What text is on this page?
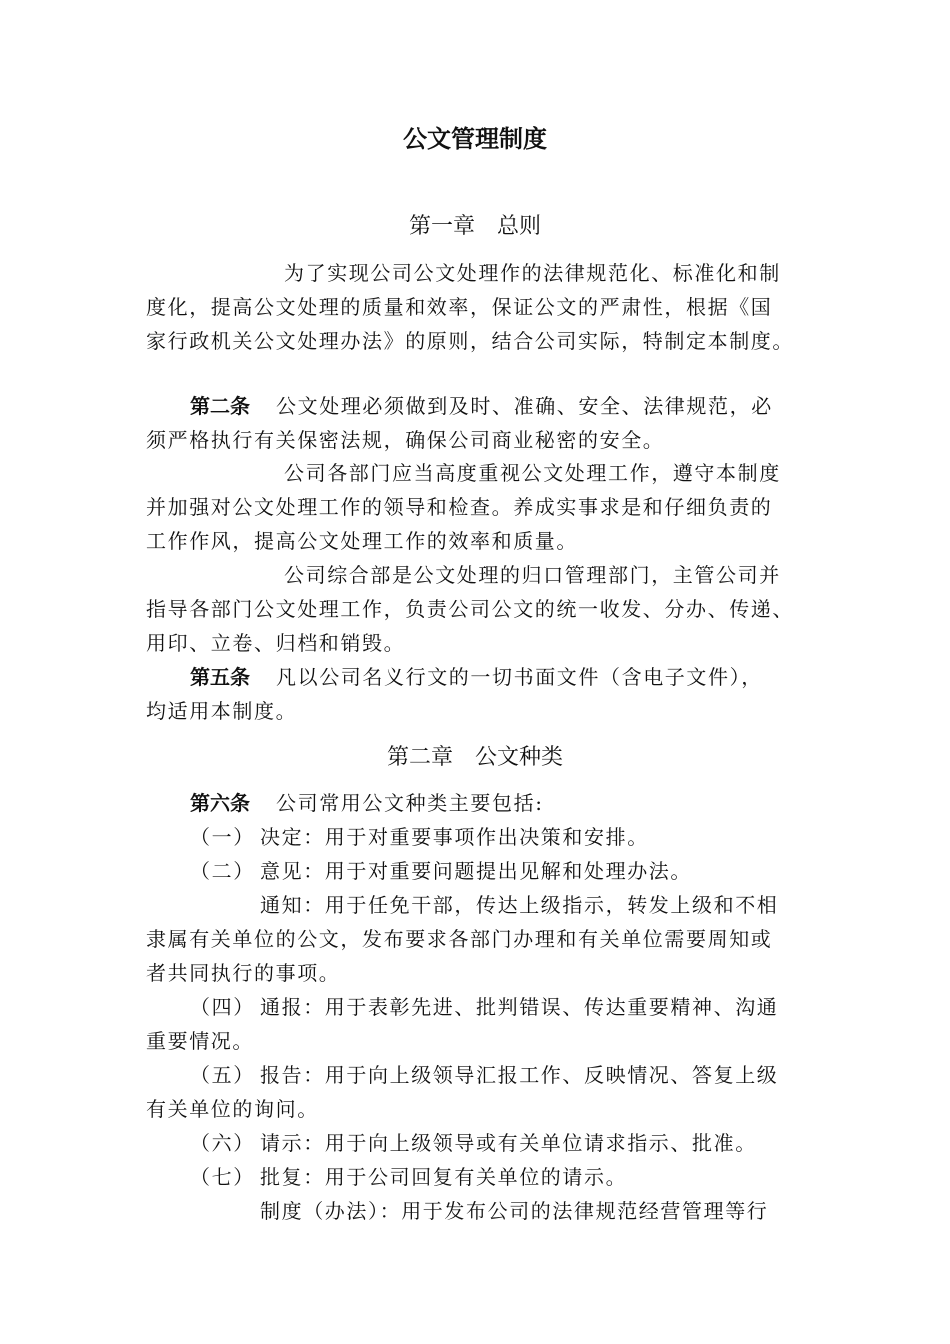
公文管理制度
第一章 总则
为了实现公司公文处理作的法律规范化、标准化和制
度化，提高公文处理的质量和效率，保证公文的严肃性，根据《国
家行政机关公文处理办法》的原则，结合公司实际，特制定本制度。
第二条 公文处理必须做到及时、准确、安全、法律规范，必
须严格执行有关保密法规，确保公司商业秘密的安全。
公司各部门应当高度重视公文处理工作，遵守本制度
并加强对公文处理工作的领导和检查。养成实事求是和仔细负责的
工作作风，提高公文处理工作的效率和质量。
公司综合部是公文处理的归口管理部门，主管公司并
指导各部门公文处理工作，负责公司公文的统一收发、分办、传递、
用印、立卷、归档和销毁。
第五条 凡以公司名义行文的一切书面文件（含电子文件），
均适用本制度。
第二章 公文种类
第六条 公司常用公文种类主要包括:
（一） 决定：用于对重要事项作出决策和安排。
（二） 意见：用于对重要问题提出见解和处理办法。
通知：用于任免干部，传达上级指示，转发上级和不相
隶属有关单位的公文，发布要求各部门办理和有关单位需要周知或
者共同执行的事项。
（四） 通报：用于表彰先进、批判错误、传达重要精神、沟通
重要情况。
（五） 报告：用于向上级领导汇报工作、反映情况、答复上级
有关单位的询问。
（六） 请示：用于向上级领导或有关单位请求指示、批准。
（七） 批复：用于公司回复有关单位的请示。
制度（办法）：用于发布公司的法律规范经营管理等行
